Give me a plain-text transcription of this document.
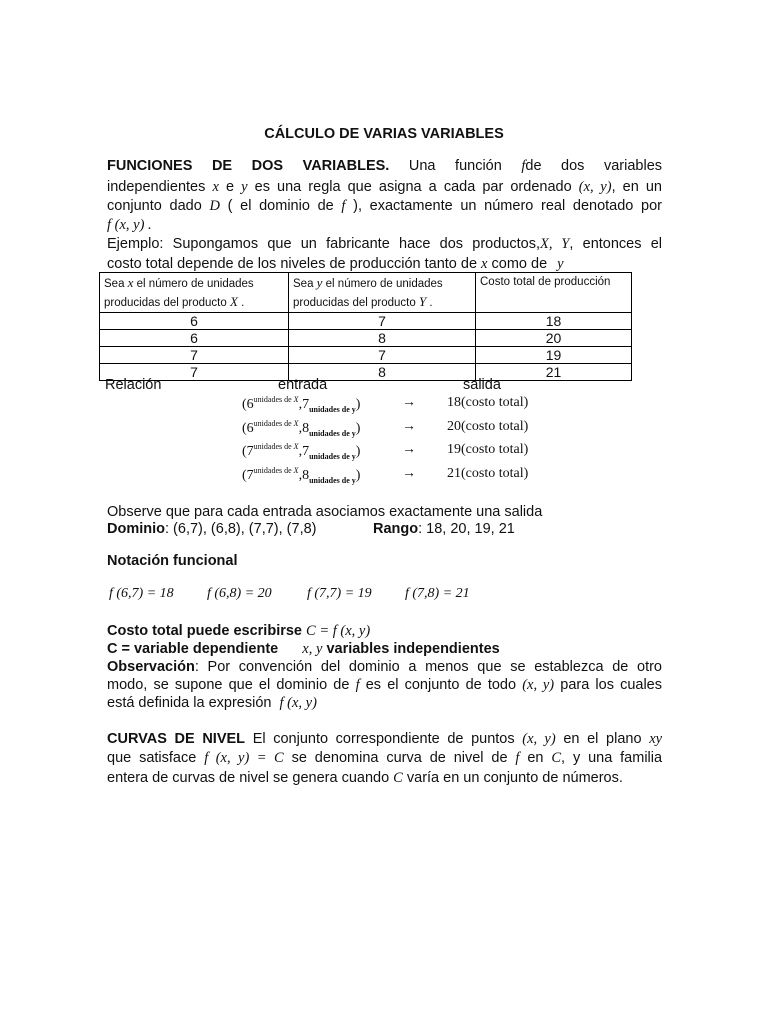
CÁLCULO DE VARIAS VARIABLES
FUNCIONES DE DOS VARIABLES. Una función fde dos variables
independientes x e y es una regla que asigna a cada par ordenado (x, y), en un
conjunto dado D ( el dominio de f ), exactamente un número real denotado por
f (x, y) .
Ejemplo: Supongamos que un fabricante hace dos productos,X, Y, entonces el
costo total depende de los niveles de producción tanto de x como de y
Sea x el número de unidades
producidas del producto X .	Sea y el número de unidades
producidas del producto Y .	Costo total de producción
6	7	18
6	8	20
7	7	19
7	8	21
Relación	entrada	salida
$(6^{unidades de X},7_{unidades de y})$	→ 18(costo total)
$(6^{unidades de X},8_{unidades de y})$	→ 20(costo total)
$(7^{unidades de X},7_{unidades de y})$	→ 19(costo total)
$(7^{unidades de X},8_{unidades de y})$	→ 21(costo total)
Observe que para cada entrada asociamos exactamente una salida
Dominio: (6,7), (6,8), (7,7), (7,8)	Rango: 18, 20, 19, 21
Notación funcional
f (6,7) = 18 f (6,8) = 20	f (7,7) = 19 f (7,8) = 21
Costo total puede escribirse C = f (x, y)
C = variable dependiente x, y variables independientes
Observación: Por convención del dominio a menos que se establezca de otro
modo, se supone que el dominio de f es el conjunto de todo (x, y) para los cuales
está definida la expresión f (x, y)
CURVAS DE NIVEL El conjunto correspondiente de puntos (x, y) en el plano xy
que satisface f (x, y) = C se denomina curva de nivel de f en C, y una familia
entera de curvas de nivel se genera cuando C varía en un conjunto de números.
